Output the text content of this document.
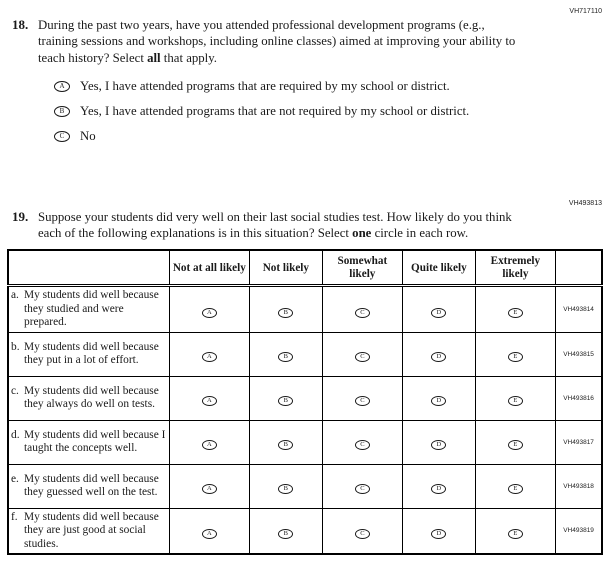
VH717110
18. During the past two years, have you attended professional development programs (e.g., training sessions and workshops, including online classes) aimed at improving your ability to teach history? Select all that apply.

A Yes, I have attended programs that are required by my school or district.
B Yes, I have attended programs that are not required by my school or district.
C No
VH493813
19. Suppose your students did very well on their last social studies test. How likely do you think each of the following explanations is in this situation? Select one circle in each row.

	Not at all likely	Not likely	Somewhat likely	Quite likely	Extremely likely	

a. My students did well because they studied and were prepared.	A	B	C	D	E	VH493814

b. My students did well because they put in a lot of effort.	A	B	C	D	E	VH493815

c. My students did well because they always do well on tests.	A	B	C	D	E	VH493816

d. My students did well because I taught the concepts well.	A	B	C	D	E	VH493817

e. My students did well because they guessed well on the test.	A	B	C	D	E	VH493818

f. My students did well because they are just good at social studies.	A	B	C	D	E	VH493819
